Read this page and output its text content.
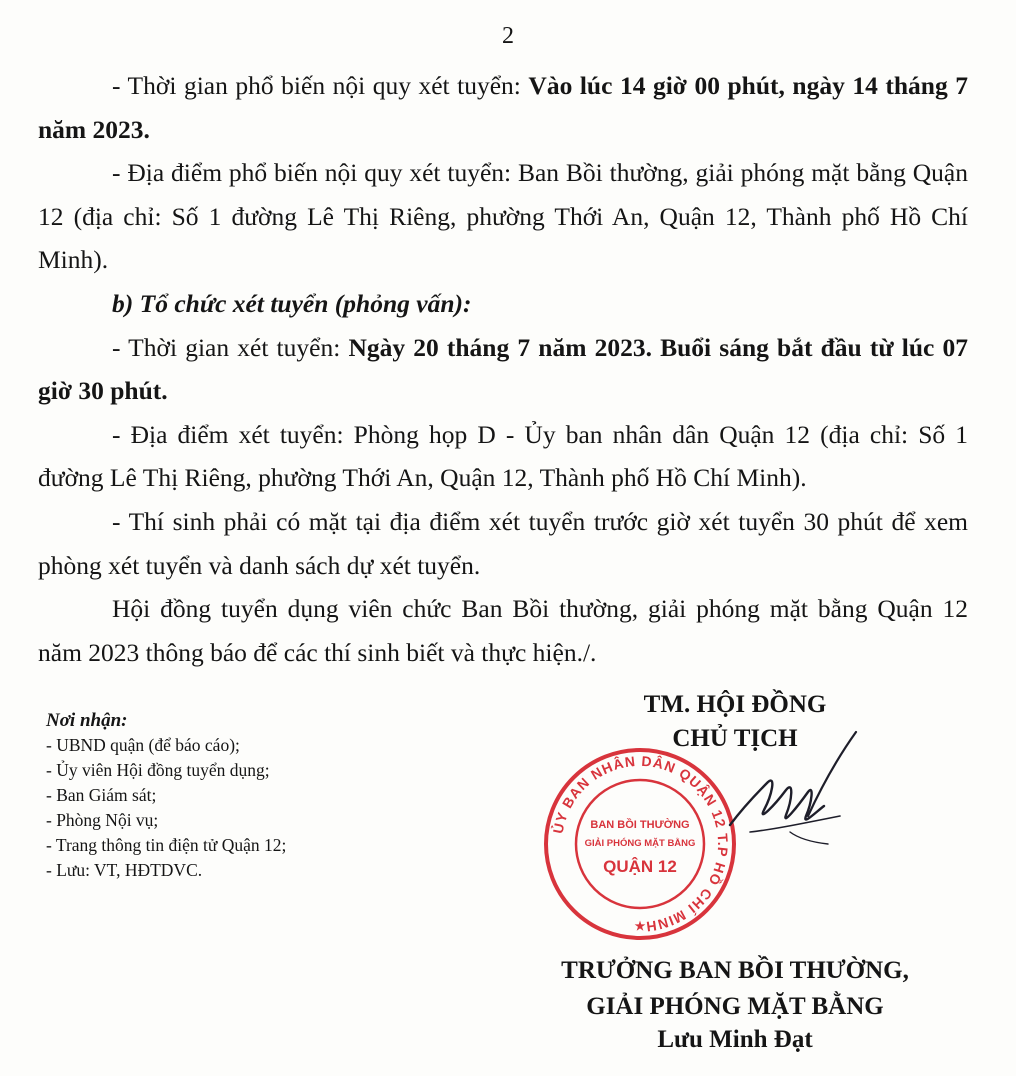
2

- Thời gian phổ biến nội quy xét tuyển: Vào lúc 14 giờ 00 phút, ngày 14 tháng 7 năm 2023.

- Địa điểm phổ biến nội quy xét tuyển: Ban Bồi thường, giải phóng mặt bằng Quận 12 (địa chỉ: Số 1 đường Lê Thị Riêng, phường Thới An, Quận 12, Thành phố Hồ Chí Minh).

b) Tổ chức xét tuyển (phỏng vấn):

- Thời gian xét tuyển: Ngày 20 tháng 7 năm 2023. Buổi sáng bắt đầu từ lúc 07 giờ 30 phút.

- Địa điểm xét tuyển: Phòng họp D - Ủy ban nhân dân Quận 12 (địa chỉ: Số 1 đường Lê Thị Riêng, phường Thới An, Quận 12, Thành phố Hồ Chí Minh).

- Thí sinh phải có mặt tại địa điểm xét tuyển trước giờ xét tuyển 30 phút để xem phòng xét tuyển và danh sách dự xét tuyển.

Hội đồng tuyển dụng viên chức Ban Bồi thường, giải phóng mặt bằng Quận 12 năm 2023 thông báo để các thí sinh biết và thực hiện./.

Nơi nhận:
- UBND quận (để báo cáo);
- Ủy viên Hội đồng tuyển dụng;
- Ban Giám sát;
- Phòng Nội vụ;
- Trang thông tin điện tử Quận 12;
- Lưu: VT, HĐTDVC.
TM. HỘI ĐỒNG
CHỦ TỊCH
ỦY BAN NHÂN DÂN QUẬN 12 T.P HỒ CHÍ MINH
BAN BỒI THƯỜNG
GIẢI PHÓNG MẶT BẰNG
QUẬN 12
★
TRƯỞNG BAN BỒI THƯỜNG,
GIẢI PHÓNG MẶT BẰNG
Lưu Minh Đạt
